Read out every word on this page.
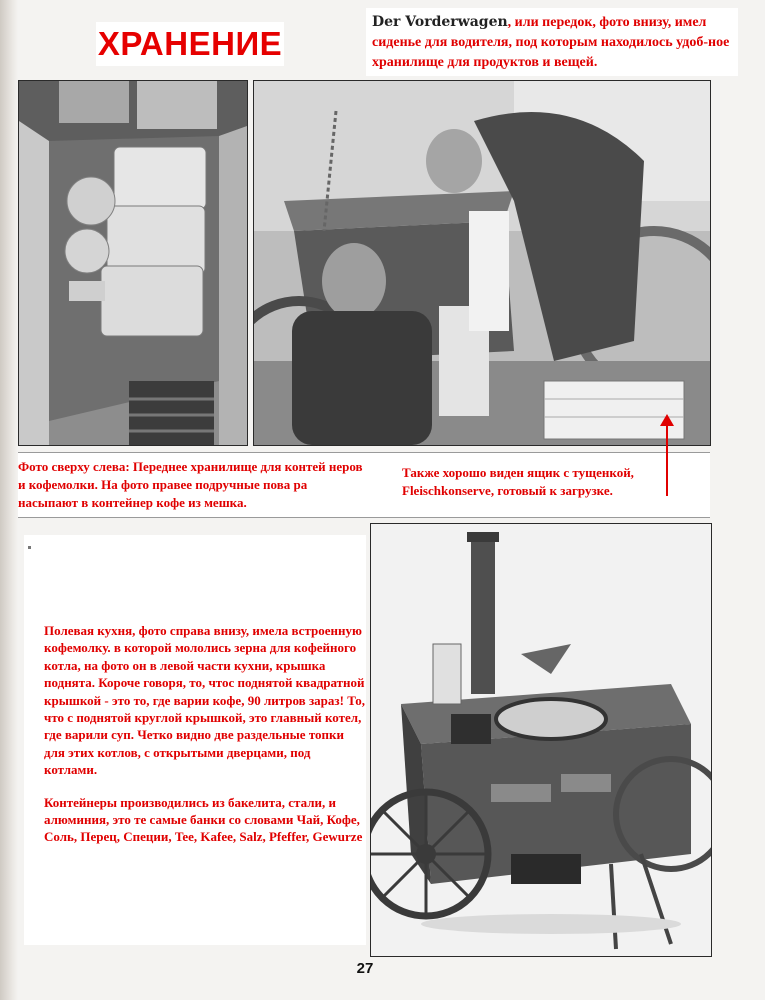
ХРАНЕНИЕ
Der Vorderwagen, или передок, фото внизу, имел сиденье для водителя, под которым находилось удоб-ное хранилище для продуктов и вещей.
Фото сверху слева: Переднее хранилище для контей неров и кофемолки. На фото правее подручные пова ра насыпают в контейнер кофе из мешка.
Также хорошо виден ящик с тущенкой, Fleischkonserve, готовый к загрузке.

Полевая кухня, фото справа внизу, имела встроенную кофемолку. в которой мололись зерна для кофейного котла, на фото он в левой части кухни, крышка поднята. Короче говоря, то, чтос поднятой квадратной крышкой - это то, где варии кофе, 90 литров зараз! То, что с поднятой круглой крышкой, это главный котел, где варили суп. Четко видно две раздельные топки для этих котлов, с открытыми дверцами, под котлами.

Контейнеры производились из бакелита, стали, и алюминия, это те самые банки со словами Чай, Кофе, Соль, Перец, Специи, Tee, Kafee, Salz, Pfeffer, Gewurze

27
